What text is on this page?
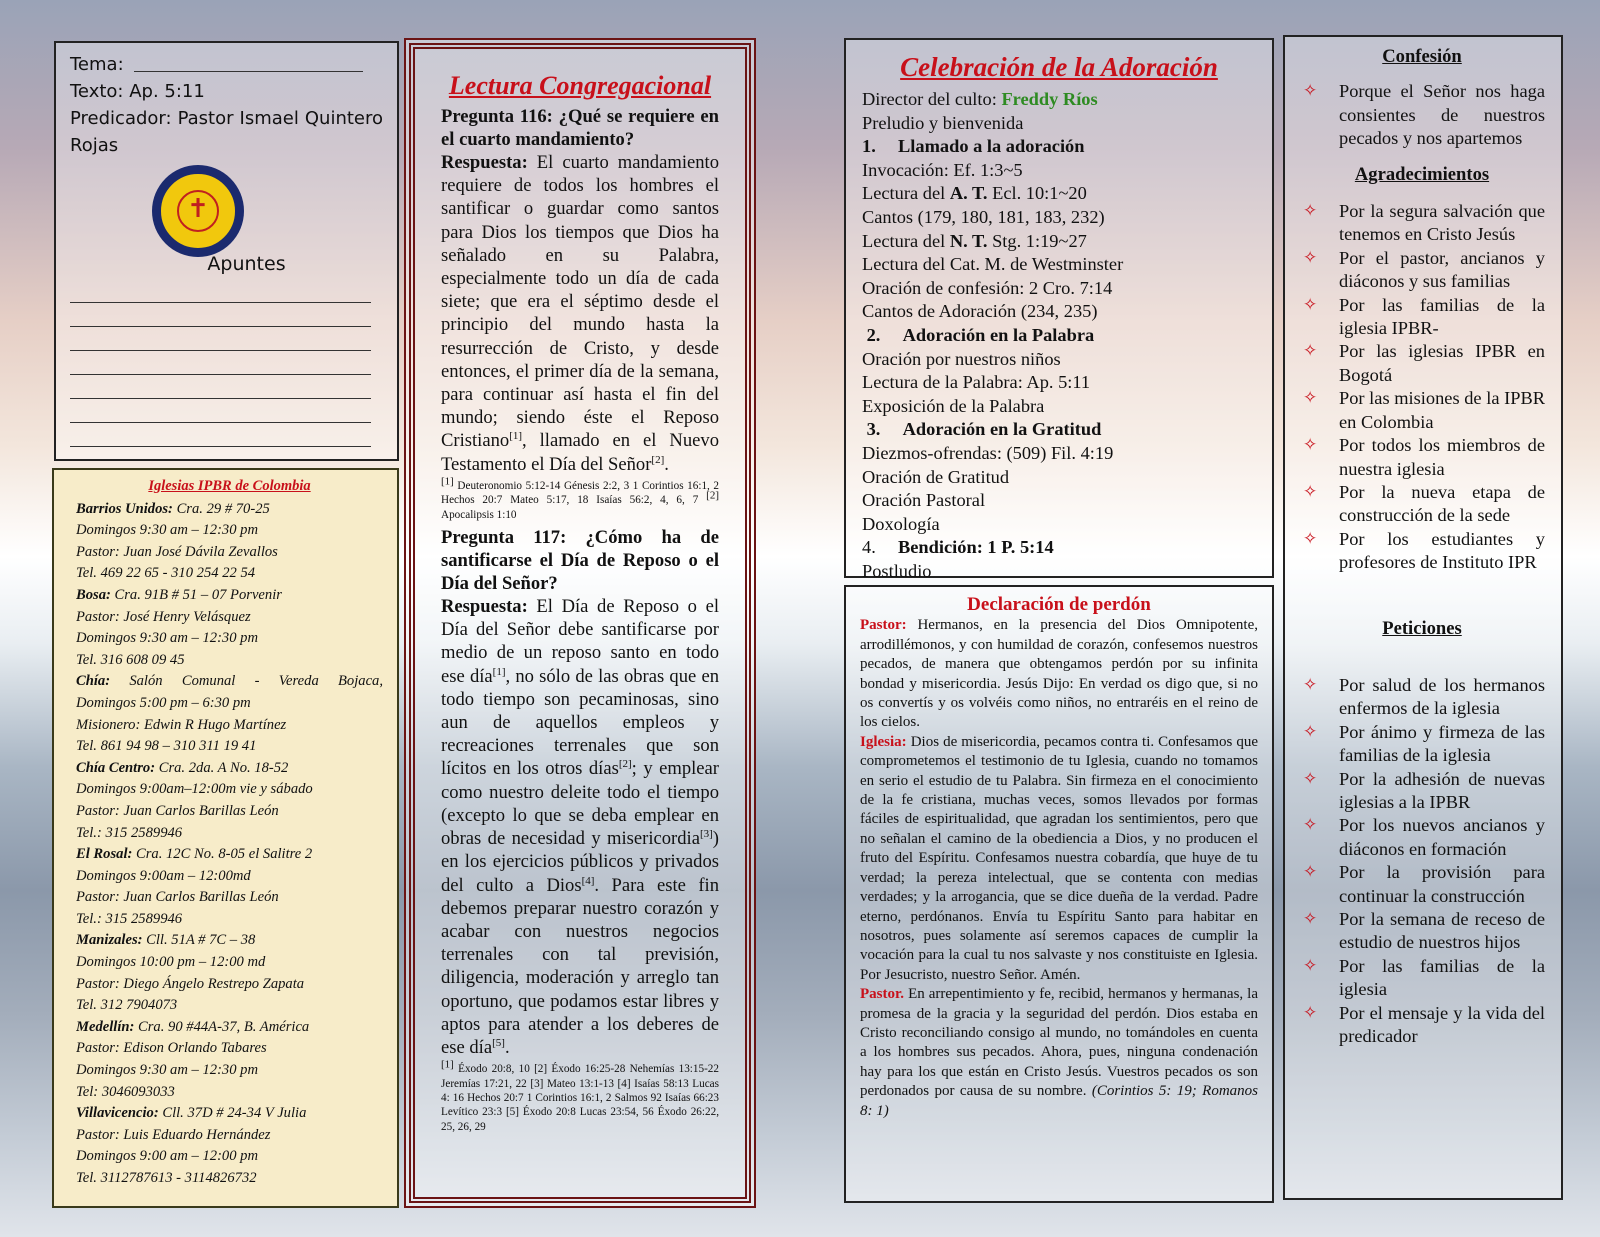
Tema:
Texto: Ap. 5:11
Predicador: Pastor Ismael Quintero Rojas
✝
Apuntes
Iglesias IPBR de Colombia
Barrios Unidos: Cra. 29 # 70-25
Domingos 9:30 am – 12:30 pm
Pastor: Juan José Dávila Zevallos
Tel. 469 22 65 - 310 254 22 54
Bosa: Cra. 91B # 51 – 07 Porvenir
Pastor: José Henry Velásquez
Domingos 9:30 am – 12:30 pm
Tel. 316 608 09 45
Chía: Salón Comunal - Vereda Bojaca,
Domingos 5:00 pm – 6:30 pm
Misionero: Edwin R Hugo Martínez
Tel. 861 94 98 – 310 311 19 41
Chía Centro: Cra. 2da. A No. 18-52
Domingos 9:00am–12:00m vie y sábado
Pastor: Juan Carlos Barillas León
Tel.: 315 2589946
El Rosal: Cra. 12C No. 8-05 el Salitre 2
Domingos 9:00am – 12:00md
Pastor: Juan Carlos Barillas León
Tel.: 315 2589946
Manizales: Cll. 51A # 7C – 38
Domingos 10:00 pm – 12:00 md
Pastor: Diego Ángelo Restrepo Zapata
Tel. 312 7904073
Medellín: Cra. 90 #44A-37, B. América
Pastor: Edison Orlando Tabares
Domingos 9:30 am – 12:30 pm
Tel: 3046093033
Villavicencio: Cll. 37D # 24-34 V Julia
Pastor: Luis Eduardo Hernández
Domingos 9:00 am – 12:00 pm
Tel. 3112787613 - 3114826732
Lectura Congregacional
Pregunta 116: ¿Qué se requiere en el cuarto mandamiento?
Respuesta: El cuarto mandamiento requiere de todos los hombres el santificar o guardar como santos para Dios los tiempos que Dios ha señalado en su Palabra, especialmente todo un día de cada siete; que era el séptimo desde el principio del mundo hasta la resurrección de Cristo, y desde entonces, el primer día de la semana, para continuar así hasta el fin del mundo; siendo éste el Reposo Cristiano[1], llamado en el Nuevo Testamento el Día del Señor[2].
[1] Deuteronomio 5:12-14 Génesis 2:2, 3 1 Corintios 16:1, 2 Hechos 20:7 Mateo 5:17, 18 Isaías 56:2, 4, 6, 7 [2] Apocalipsis 1:10
Pregunta 117: ¿Cómo ha de santificarse el Día de Reposo o el Día del Señor?
Respuesta: El Día de Reposo o el Día del Señor debe santificarse por medio de un reposo santo en todo ese día[1], no sólo de las obras que en todo tiempo son pecaminosas, sino aun de aquellos empleos y recreaciones terrenales que son lícitos en los otros días[2]; y emplear como nuestro deleite todo el tiempo (excepto lo que se deba emplear en obras de necesidad y misericordia[3]) en los ejercicios públicos y privados del culto a Dios[4]. Para este fin debemos preparar nuestro corazón y acabar con nuestros negocios terrenales con tal previsión, diligencia, moderación y arreglo tan oportuno, que podamos estar libres y aptos para atender a los deberes de ese día[5].
[1] Éxodo 20:8, 10 [2] Éxodo 16:25-28 Nehemías 13:15-22 Jeremías 17:21, 22 [3] Mateo 13:1-13 [4] Isaías 58:13 Lucas 4: 16 Hechos 20:7 1 Corintios 16:1, 2 Salmos 92 Isaías 66:23 Levítico 23:3 [5] Éxodo 20:8 Lucas 23:54, 56 Éxodo 26:22, 25, 26, 29
Celebración de la Adoración
Director del culto: Freddy Ríos
Preludio y bienvenida
1. Llamado a la adoración
Invocación: Ef. 1:3~5
Lectura del A. T. Ecl. 10:1~20
Cantos (179, 180, 181, 183, 232)
Lectura del N. T. Stg. 1:19~27
Lectura del Cat. M. de Westminster
Oración de confesión: 2 Cro. 7:14
Cantos de Adoración (234, 235)
2. Adoración en la Palabra
Oración por nuestros niños
Lectura de la Palabra: Ap. 5:11
Exposición de la Palabra
3. Adoración en la Gratitud
Diezmos-ofrendas: (509) Fil. 4:19
Oración de Gratitud
Oración Pastoral
Doxología
4. Bendición: 1 P. 5:14
Postludio
Declaración de perdón
Pastor: Hermanos, en la presencia del Dios Omnipotente, arrodillémonos, y con humildad de corazón, confesemos nuestros pecados, de manera que obtengamos perdón por su infinita bondad y misericordia. Jesús Dijo: En verdad os digo que, si no os convertís y os volvéis como niños, no entraréis en el reino de los cielos.
Iglesia: Dios de misericordia, pecamos contra ti. Confesamos que comprometemos el testimonio de tu Iglesia, cuando no tomamos en serio el estudio de tu Palabra. Sin firmeza en el conocimiento de la fe cristiana, muchas veces, somos llevados por formas fáciles de espiritualidad, que agradan los sentimientos, pero que no señalan el camino de la obediencia a Dios, y no producen el fruto del Espíritu. Confesamos nuestra cobardía, que huye de tu verdad; la pereza intelectual, que se contenta con medias verdades; y la arrogancia, que se dice dueña de la verdad. Padre eterno, perdónanos. Envía tu Espíritu Santo para habitar en nosotros, pues solamente así seremos capaces de cumplir la vocación para la cual tu nos salvaste y nos constituiste en Iglesia. Por Jesucristo, nuestro Señor. Amén.
Pastor. En arrepentimiento y fe, recibid, hermanos y hermanas, la promesa de la gracia y la seguridad del perdón. Dios estaba en Cristo reconciliando consigo al mundo, no tomándoles en cuenta a los hombres sus pecados. Ahora, pues, ninguna condenación hay para los que están en Cristo Jesús. Vuestros pecados os son perdonados por causa de su nombre. (Corintios 5: 19; Romanos 8: 1)
Confesión
✧	Porque el Señor nos haga consientes de nuestros pecados y nos apartemos
Agradecimientos
✧	Por la segura salvación que tenemos en Cristo Jesús
✧	Por el pastor, ancianos y diáconos y sus familias
✧	Por las familias de la iglesia IPBR-
✧	Por las iglesias IPBR en Bogotá
✧	Por las misiones de la IPBR en Colombia
✧	Por todos los miembros de nuestra iglesia
✧	Por la nueva etapa de construcción de la sede
✧	Por los estudiantes y profesores de Instituto IPR
Peticiones
✧	Por salud de los hermanos enfermos de la iglesia
✧	Por ánimo y firmeza de las familias de la iglesia
✧	Por la adhesión de nuevas iglesias a la IPBR
✧	Por los nuevos ancianos y diáconos en formación
✧	Por la provisión para continuar la construcción
✧	Por la semana de receso de estudio de nuestros hijos
✧	Por las familias de la iglesia
✧	Por el mensaje y la vida del predicador
